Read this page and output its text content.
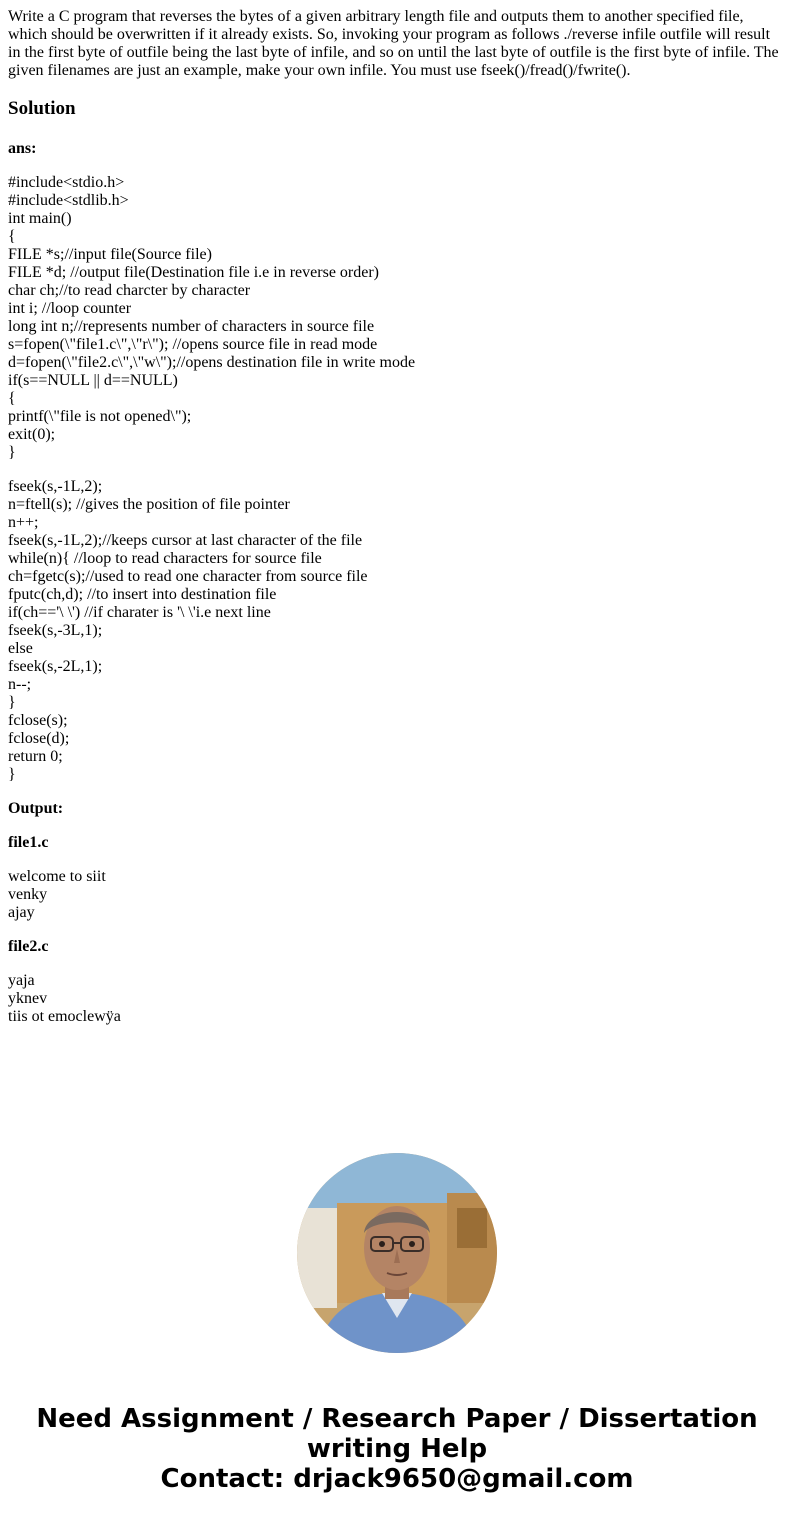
Write a C program that reverses the bytes of a given arbitrary length file and outputs them to another specified file, which should be overwritten if it already exists. So, invoking your program as follows ./reverse infile outfile will result in the first byte of outfile being the last byte of infile, and so on until the last byte of outfile is the first byte of infile. The given filenames are just an example, make your own infile. You must use fseek()/fread()/fwrite().
Solution
ans:
#include<stdio.h>
#include<stdlib.h>
int main()
{
FILE *s;//input file(Source file)
FILE *d; //output file(Destination file i.e in reverse order)
char ch;//to read charcter by character
int i; //loop counter
long int n;//represents number of characters in source file
s=fopen(\"file1.c\",\"r\"); //opens source file in read mode
d=fopen(\"file2.c\",\"w\");//opens destination file in write mode
if(s==NULL || d==NULL)
{
printf(\"file is not opened\");
exit(0);
}
fseek(s,-1L,2);
n=ftell(s); //gives the position of file pointer
n++;
fseek(s,-1L,2);//keeps cursor at last character of the file
while(n){ //loop to read characters for source file
ch=fgetc(s);//used to read one character from source file
fputc(ch,d); //to insert into destination file
if(ch=='\ \') //if charater is '\ \'i.e next line
fseek(s,-3L,1);
else
fseek(s,-2L,1);
n--;
}
fclose(s);
fclose(d);
return 0;
}
Output:
file1.c
welcome to siit
venky
ajay
file2.c
yaja
yknev
tiis ot emoclewÿa
Need Assignment / Research Paper / Dissertation
writing Help
Contact: drjack9650@gmail.com
